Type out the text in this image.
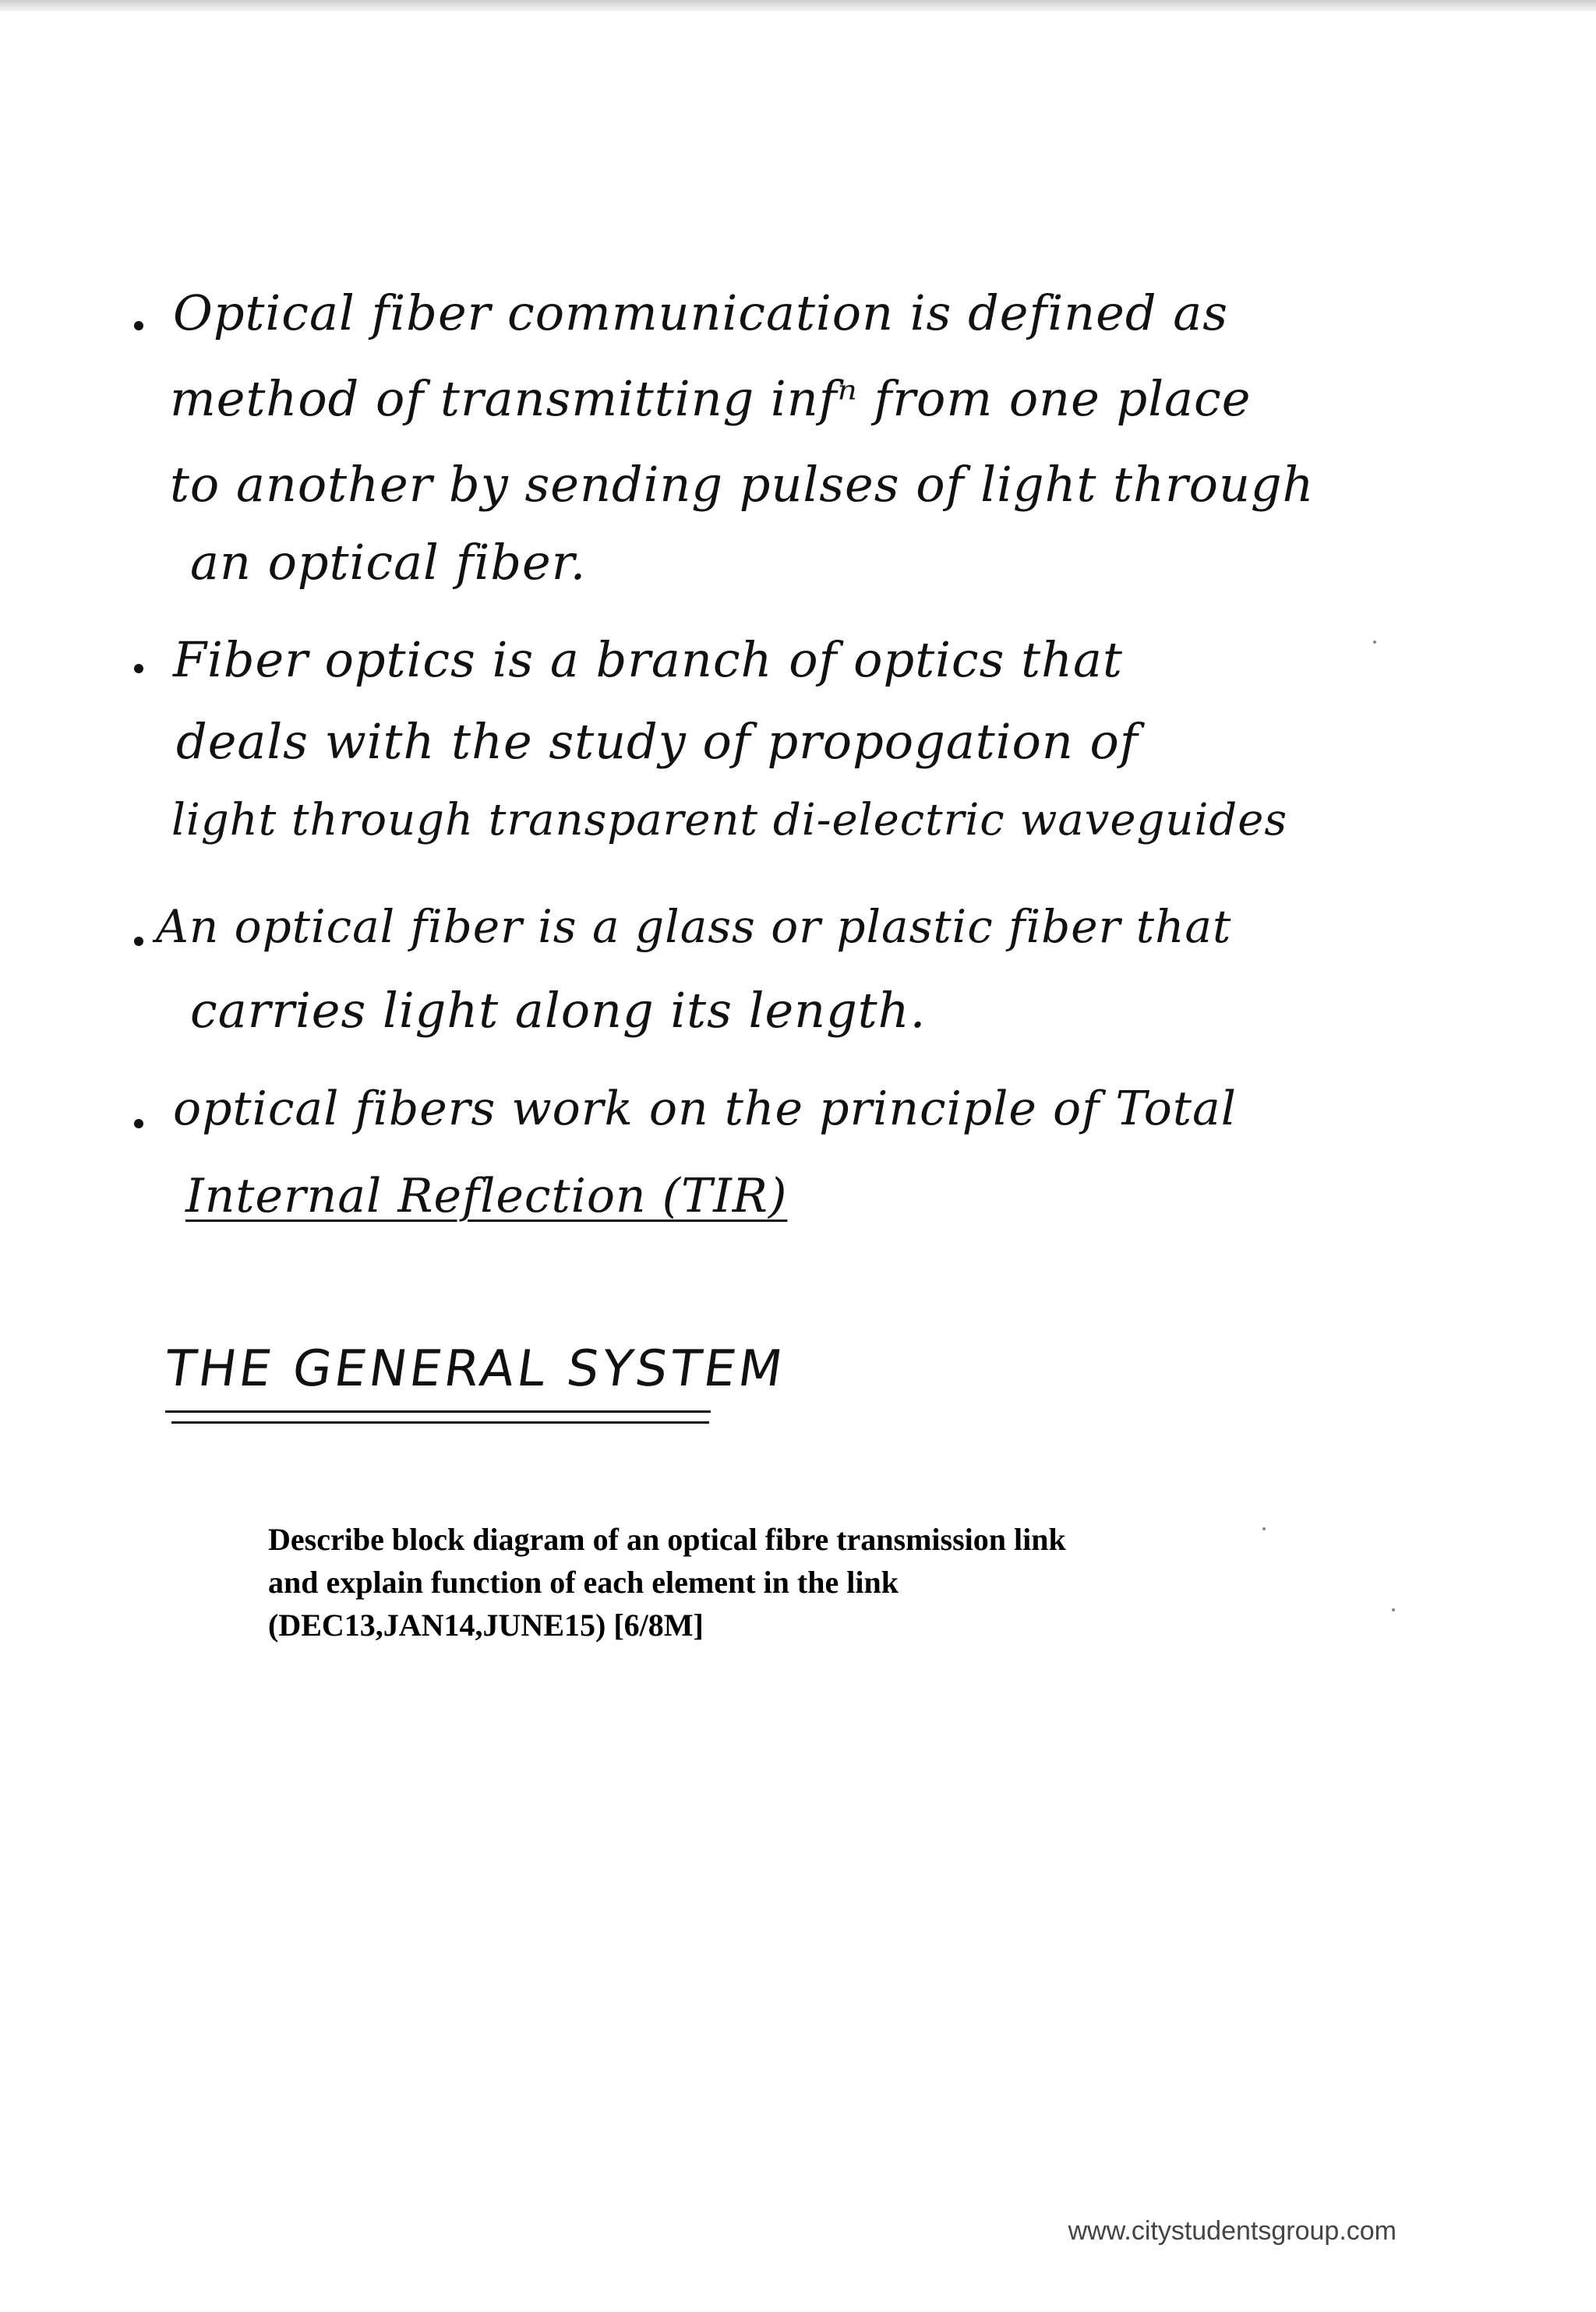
Optical fiber communication is defined as
method of transmitting infⁿ from one place
to another by sending pulses of light through
an optical fiber.
Fiber optics is a branch of optics that
deals with the study of propogation of
light through transparent di-electric waveguides
An optical fiber is a glass or plastic fiber that
carries light along its length.
optical fibers work on the principle of Total
Internal Reflection (TIR)
THE GENERAL SYSTEM
Describe block diagram of an optical fibre transmission link
and explain function of each element in the link
(DEC13,JAN14,JUNE15) [6/8M]
www.citystudentsgroup.com
